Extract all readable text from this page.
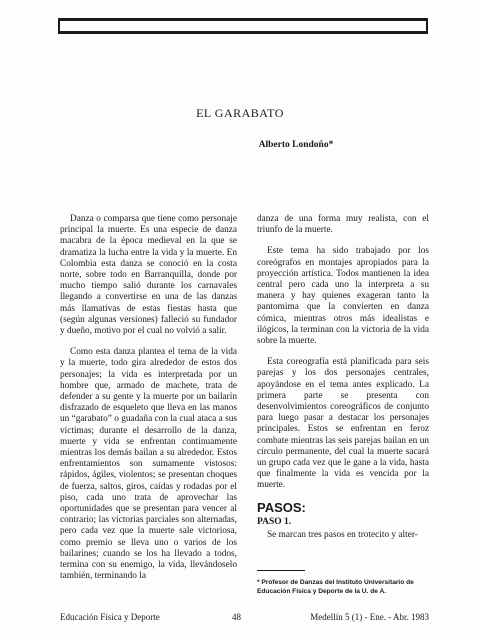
EL GARABATO
Alberto Londoño*

Danza o comparsa que tiene como personaje principal la muerte. Es una especie de danza macabra de la época medieval en la que se dramatiza la lucha entre la vida y la muerte. En Colombia esta danza se conoció en la costa norte, sobre todo en Barranquilla, donde por mucho tiempo salió durante los carnavales llegando a convertirse en una de las danzas más llamativas de estas fiestas hasta que (según algunas versiones) falleció su fundador y dueño, motivo por el cual no volvió a salir.

Como esta danza plantea el tema de la vida y la muerte, todo gira alrededor de estos dos personajes; la vida es interpretada por un hombre que, armado de machete, trata de defender a su gente y la muerte por un bailarín disfrazado de esqueleto que lleva en las manos un “garabato” o guadaña con la cual ataca a sus víctimas; durante el desarrollo de la danza, muerte y vida se enfrentan continuamente mientras los demás bailan a su alrededor. Estos enfrentamientos son sumamente vistosos: rápidos, ágiles, violentos; se presentan choques de fuerza, saltos, giros, caídas y rodadas por el piso, cada uno trata de aprovechar las oportunidades que se presentan para vencer al contrario; las victorias parciales son alternadas, pero cada vez que la muerte sale victoriosa, como premio se lleva uno o varios de los bailarines; cuando se los ha llevado a todos, termina con su enemigo, la vida, llevándoselo también, terminando la

danza de una forma muy realista, con el triunfo de la muerte.

Este tema ha sido trabajado por los coreógrafos en montajes apropiados para la proyección artística. Todos mantienen la idea central pero cada uno la interpreta a su manera y hay quienes exageran tanto la pantomima que la convierten en danza cómica, mientras otros más idealistas e ilógicos, la terminan con la victoria de la vida sobre la muerte.

Esta coreografía está planificada para seis parejas y los dos personajes centrales, apoyándose en el tema antes explicado. La primera parte se presenta con desenvolvimientos coreográficos de conjunto para luego pasar a destacar los personajes principales. Estos se enfrentan en feroz combate mientras las seis parejas bailan en un círculo permanente, del cual la muerte sacará un grupo cada vez que le gane a la vida, hasta que finalmente la vida es vencida por la muerte.

PASOS:
PASO 1.

Se marcan tres pasos en trotecito y alter-

* Profesor de Danzas del Instituto Universitario de Educación Física y Deporte de la U. de A.
Educación Física y Deporte	48	Medellín 5 (1) - Ene. - Abr. 1983
